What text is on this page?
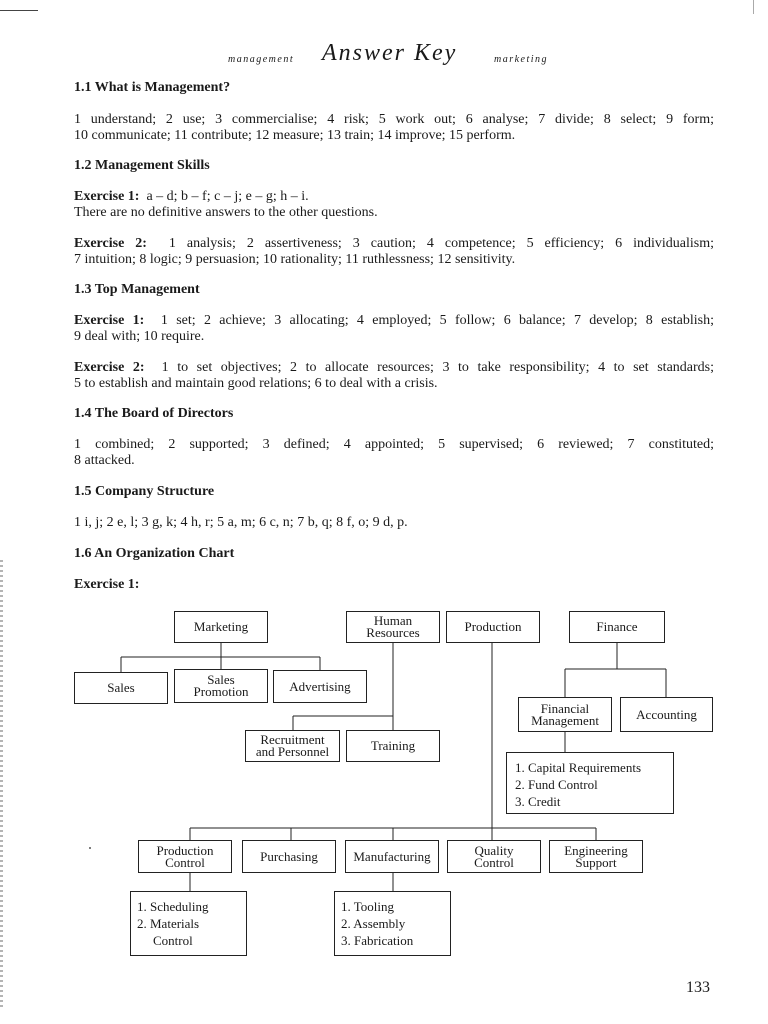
management Answer Key	marketing
1.1 What is Management?
1 understand; 2 use; 3 commercialise; 4 risk; 5 work out; 6 analyse; 7 divide; 8 select; 9 form;
10 communicate; 11 contribute; 12 measure; 13 train; 14 improve; 15 perform.
1.2 Management Skills
Exercise 1: a – d; b – f; c – j; e – g; h – i.
There are no definitive answers to the other questions.
Exercise 2: 1 analysis; 2 assertiveness; 3 caution; 4 competence; 5 efficiency; 6 individualism;
7 intuition; 8 logic; 9 persuasion; 10 rationality; 11 ruthlessness; 12 sensitivity.
1.3 Top Management
Exercise 1: 1 set; 2 achieve; 3 allocating; 4 employed; 5 follow; 6 balance; 7 develop; 8 establish;
9 deal with; 10 require.
Exercise 2: 1 to set objectives; 2 to allocate resources; 3 to take responsibility; 4 to set standards;
5 to establish and maintain good relations; 6 to deal with a crisis.
1.4 The Board of Directors
1 combined; 2 supported; 3 defined; 4 appointed; 5 supervised; 6 reviewed; 7 constituted;
8 attacked.
1.5 Company Structure
1 i, j; 2 e, l; 3 g, k; 4 h, r; 5 a, m; 6 c, n; 7 b, q; 8 f, o; 9 d, p.
1.6 An Organization Chart
Exercise 1:
Marketing	Human
Resources	Production	Finance
Sales
Sales
Promotion	Advertising
Financial
Management	Accounting
Recruitment
and Personnel	Training
1. Capital Requirements
2. Fund Control
3. Credit
Production
Control	Purchasing	Manufacturing	Quality
Control
Engineering
Support
1. Scheduling
2. Materials
Control
1. Tooling
2. Assembly
3. Fabrication
133
